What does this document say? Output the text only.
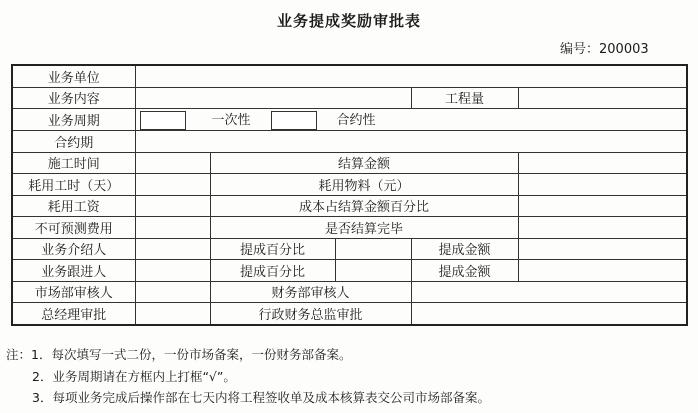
业务提成奖励审批表
编号：200003
业务单位					
业务内容				工程量	
业务周期	一次性 合约性				
合约期					
施工时间		结算金额			
耗用工时（天）		耗用物料（元）			
耗用工资		成本占结算金额百分比			
不可预测费用		是否结算完毕			
业务介绍人		提成百分比		提成金额	
业务跟进人		提成百分比		提成金额	
市场部审核人		财务部审核人			
总经理审批		行政财务总监审批			
注：1．每次填写一式二份，一份市场备案，一份财务部备案。
2．业务周期请在方框内上打框“√”。
3．每项业务完成后操作部在七天内将工程签收单及成本核算表交公司市场部备案。
